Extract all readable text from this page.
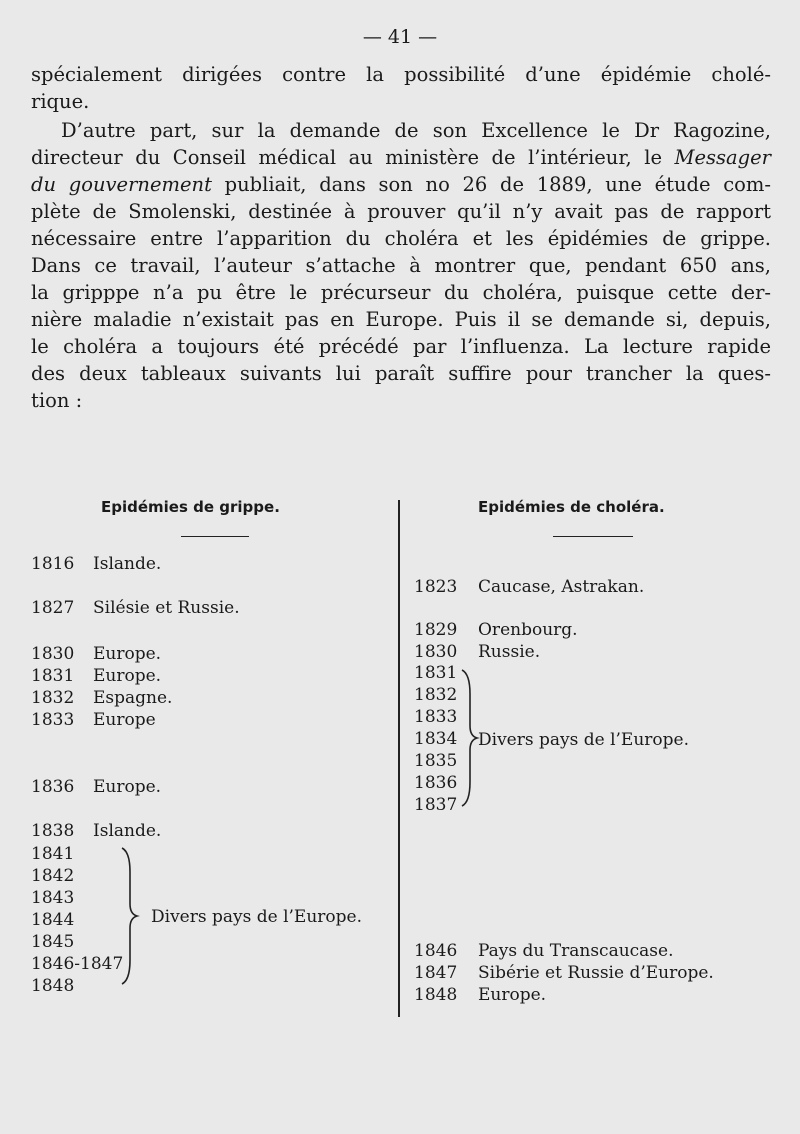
— 41 —
spécialement dirigées contre la possibilité d’une épidémie cholé-
rique.
D’autre part, sur la demande de son Excellence le Dr Ragozine,
directeur du Conseil médical au ministère de l’intérieur, le Messager
du gouvernement publiait, dans son no 26 de 1889, une étude com-
plète de Smolenski, destinée à prouver qu’il n’y avait pas de rapport
nécessaire entre l’apparition du choléra et les épidémies de grippe.
Dans ce travail, l’auteur s’attache à montrer que, pendant 650 ans,
la gripppe n’a pu être le précurseur du choléra, puisque cette der-
nière maladie n’existait pas en Europe. Puis il se demande si, depuis,
le choléra a toujours été précédé par l’influenza. La lecture rapide
des deux tableaux suivants lui paraît suffire pour trancher la ques-
tion :
Epidémies de grippe.	Epidémies de choléra.
1816 Islande.
1827 Silésie et Russie.
1830 Europe.
1831 Europe.
1832 Espagne.
1833 Europe
1836 Europe.
1838 Islande.
1841
1842
1843
1844
1845
1846-1847
1848
Divers pays de l’Europe.
1823 Caucase, Astrakan.
1829 Orenbourg.
1830 Russie.
1831
1832
1833
1834
1835
1836
1837
Divers pays de l’Europe.
1846 Pays du Transcaucase.
1847 Sibérie et Russie d’Europe.
1848 Europe.
